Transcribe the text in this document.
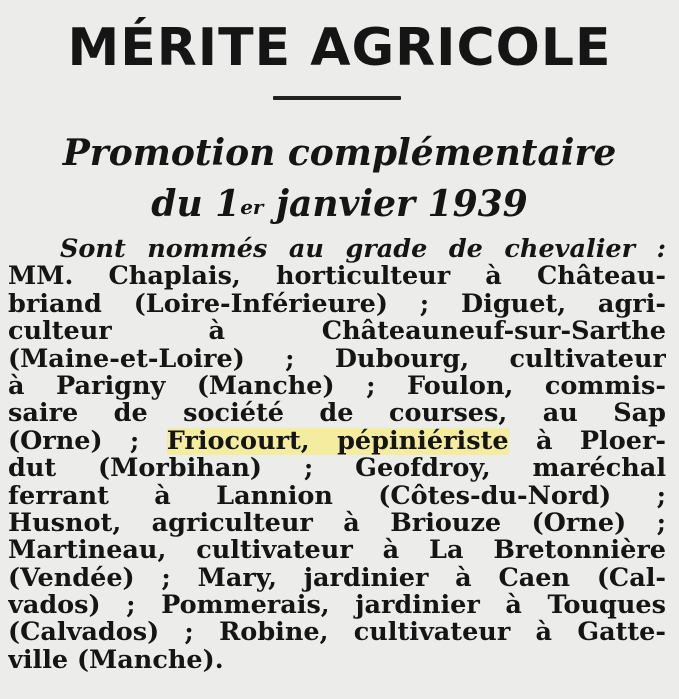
MÉRITE AGRICOLE
Promotion complémentaire
du 1er janvier 1939
Sont nommés au grade de chevalier :
MM. Chaplais, horticulteur à Château-
briand (Loire-Inférieure) ; Diguet, agri-
culteur à Châteauneuf-sur-Sarthe
(Maine-et-Loire) ; Dubourg, cultivateur
à Parigny (Manche) ; Foulon, commis-
saire de société de courses, au Sap
(Orne) ; Friocourt, pépiniériste à Ploer-
dut (Morbihan) ; Geofdroy, maréchal
ferrant à Lannion (Côtes-du-Nord) ;
Husnot, agriculteur à Briouze (Orne) ;
Martineau, cultivateur à La Bretonnière
(Vendée) ; Mary, jardinier à Caen (Cal-
vados) ; Pommerais, jardinier à Touques
(Calvados) ; Robine, cultivateur à Gatte-
ville (Manche).
